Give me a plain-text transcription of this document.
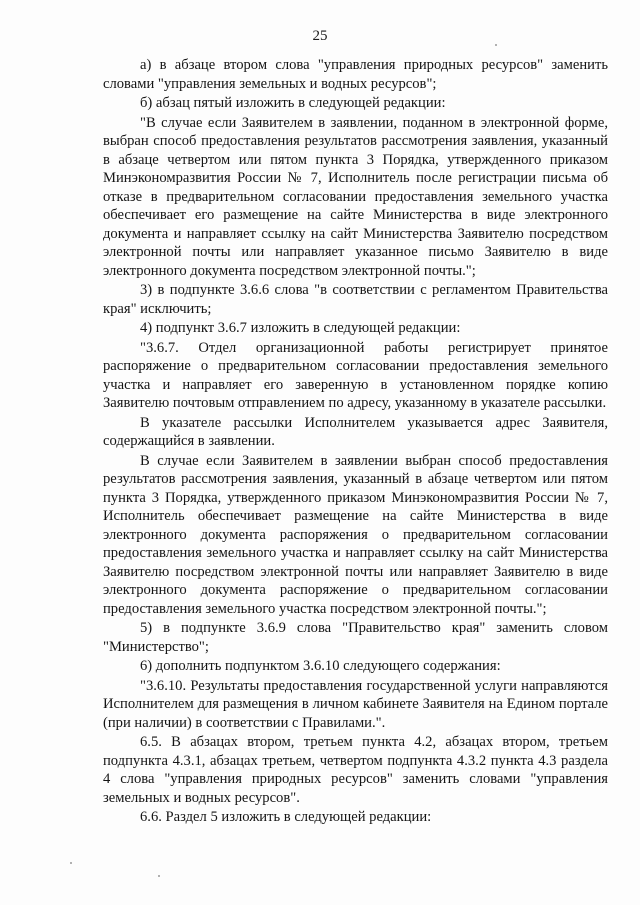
25

а) в абзаце втором слова "управления природных ресурсов" заменить словами "управления земельных и водных ресурсов";

б) абзац пятый изложить в следующей редакции:

"В случае если Заявителем в заявлении, поданном в электронной форме, выбран способ предоставления результатов рассмотрения заявления, указанный в абзаце четвертом или пятом пункта 3 Порядка, утвержденного приказом Минэкономразвития России № 7, Исполнитель после регистрации письма об отказе в предварительном согласовании предоставления земельного участка обеспечивает его размещение на сайте Министерства в виде электронного документа и направляет ссылку на сайт Министерства Заявителю посредством электронной почты или направляет указанное письмо Заявителю в виде электронного документа посредством электронной почты.";

3) в подпункте 3.6.6 слова "в соответствии с регламентом Правительства края" исключить;

4) подпункт 3.6.7 изложить в следующей редакции:

"3.6.7. Отдел организационной работы регистрирует принятое распоряжение о предварительном согласовании предоставления земельного участка и направляет его заверенную в установленном порядке копию Заявителю почтовым отправлением по адресу, указанному в указателе рассылки.

В указателе рассылки Исполнителем указывается адрес Заявителя, содержащийся в заявлении.

В случае если Заявителем в заявлении выбран способ предоставления результатов рассмотрения заявления, указанный в абзаце четвертом или пятом пункта 3 Порядка, утвержденного приказом Минэкономразвития России № 7, Исполнитель обеспечивает размещение на сайте Министерства в виде электронного документа распоряжения о предварительном согласовании предоставления земельного участка и направляет ссылку на сайт Министерства Заявителю посредством электронной почты или направляет Заявителю в виде электронного документа распоряжение о предварительном согласовании предоставления земельного участка посредством электронной почты.";

5) в подпункте 3.6.9 слова "Правительство края" заменить словом "Министерство";

6) дополнить подпунктом 3.6.10 следующего содержания:

"3.6.10. Результаты предоставления государственной услуги направляются Исполнителем для размещения в личном кабинете Заявителя на Едином портале (при наличии) в соответствии с Правилами.".

6.5. В абзацах втором, третьем пункта 4.2, абзацах втором, третьем подпункта 4.3.1, абзацах третьем, четвертом подпункта 4.3.2 пункта 4.3 раздела 4 слова "управления природных ресурсов" заменить словами "управления земельных и водных ресурсов".

6.6. Раздел 5 изложить в следующей редакции:
